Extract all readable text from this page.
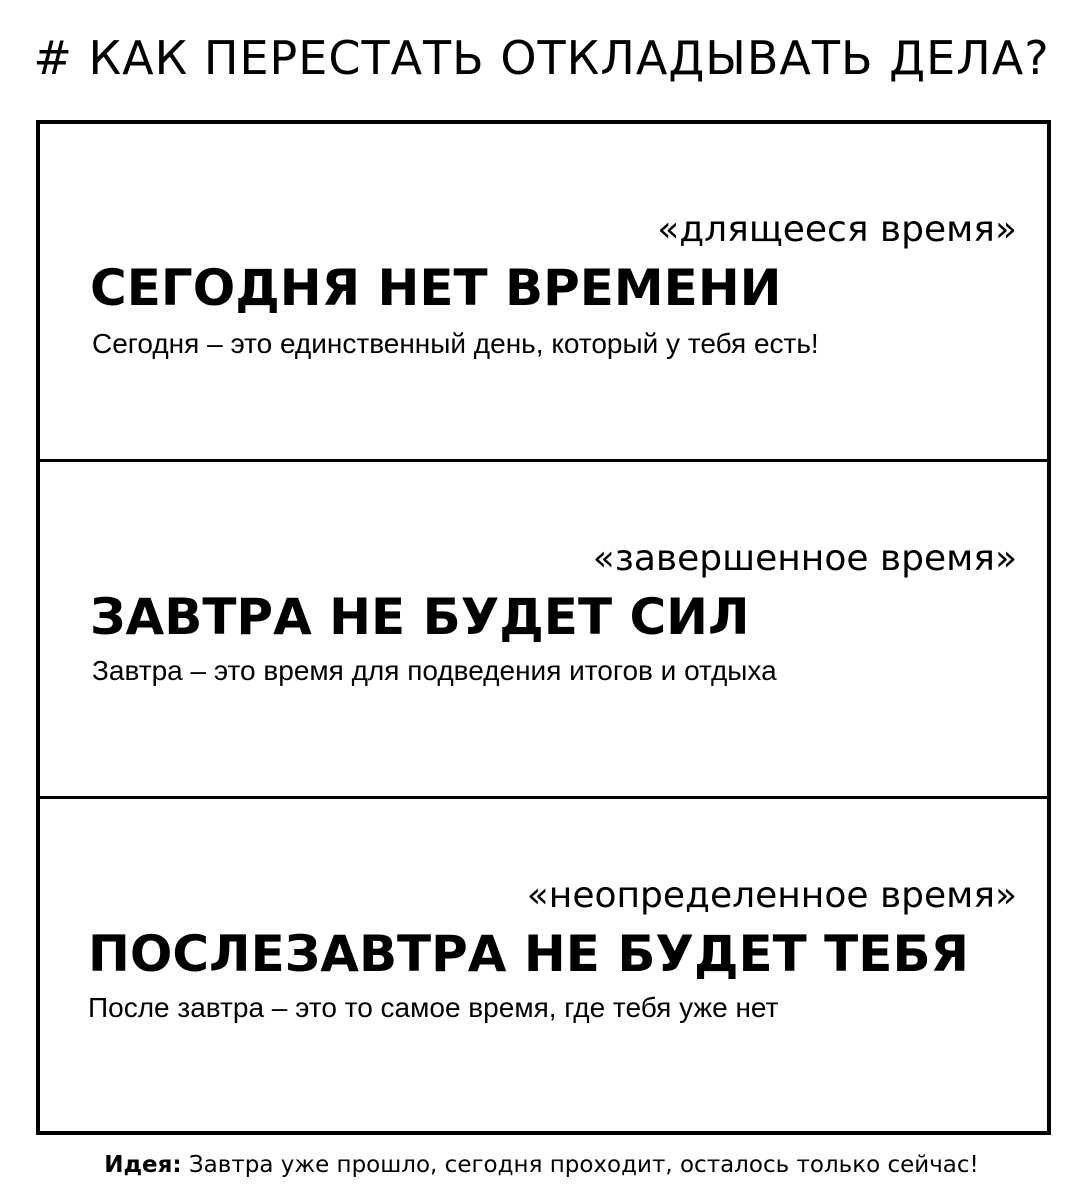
# КАК ПЕРЕСТАТЬ ОТКЛАДЫВАТЬ ДЕЛА?
«длящееся время»
СЕГОДНЯ НЕТ ВРЕМЕНИ
Сегодня – это единственный день, который у тебя есть!
«завершенное время»
ЗАВТРА НЕ БУДЕТ СИЛ
Завтра – это время для подведения итогов и отдыха
«неопределенное время»
ПОСЛЕЗАВТРА НЕ БУДЕТ ТЕБЯ
После завтра – это то самое время, где тебя уже нет
Идея: Завтра уже прошло, сегодня проходит, осталось только сейчас!
